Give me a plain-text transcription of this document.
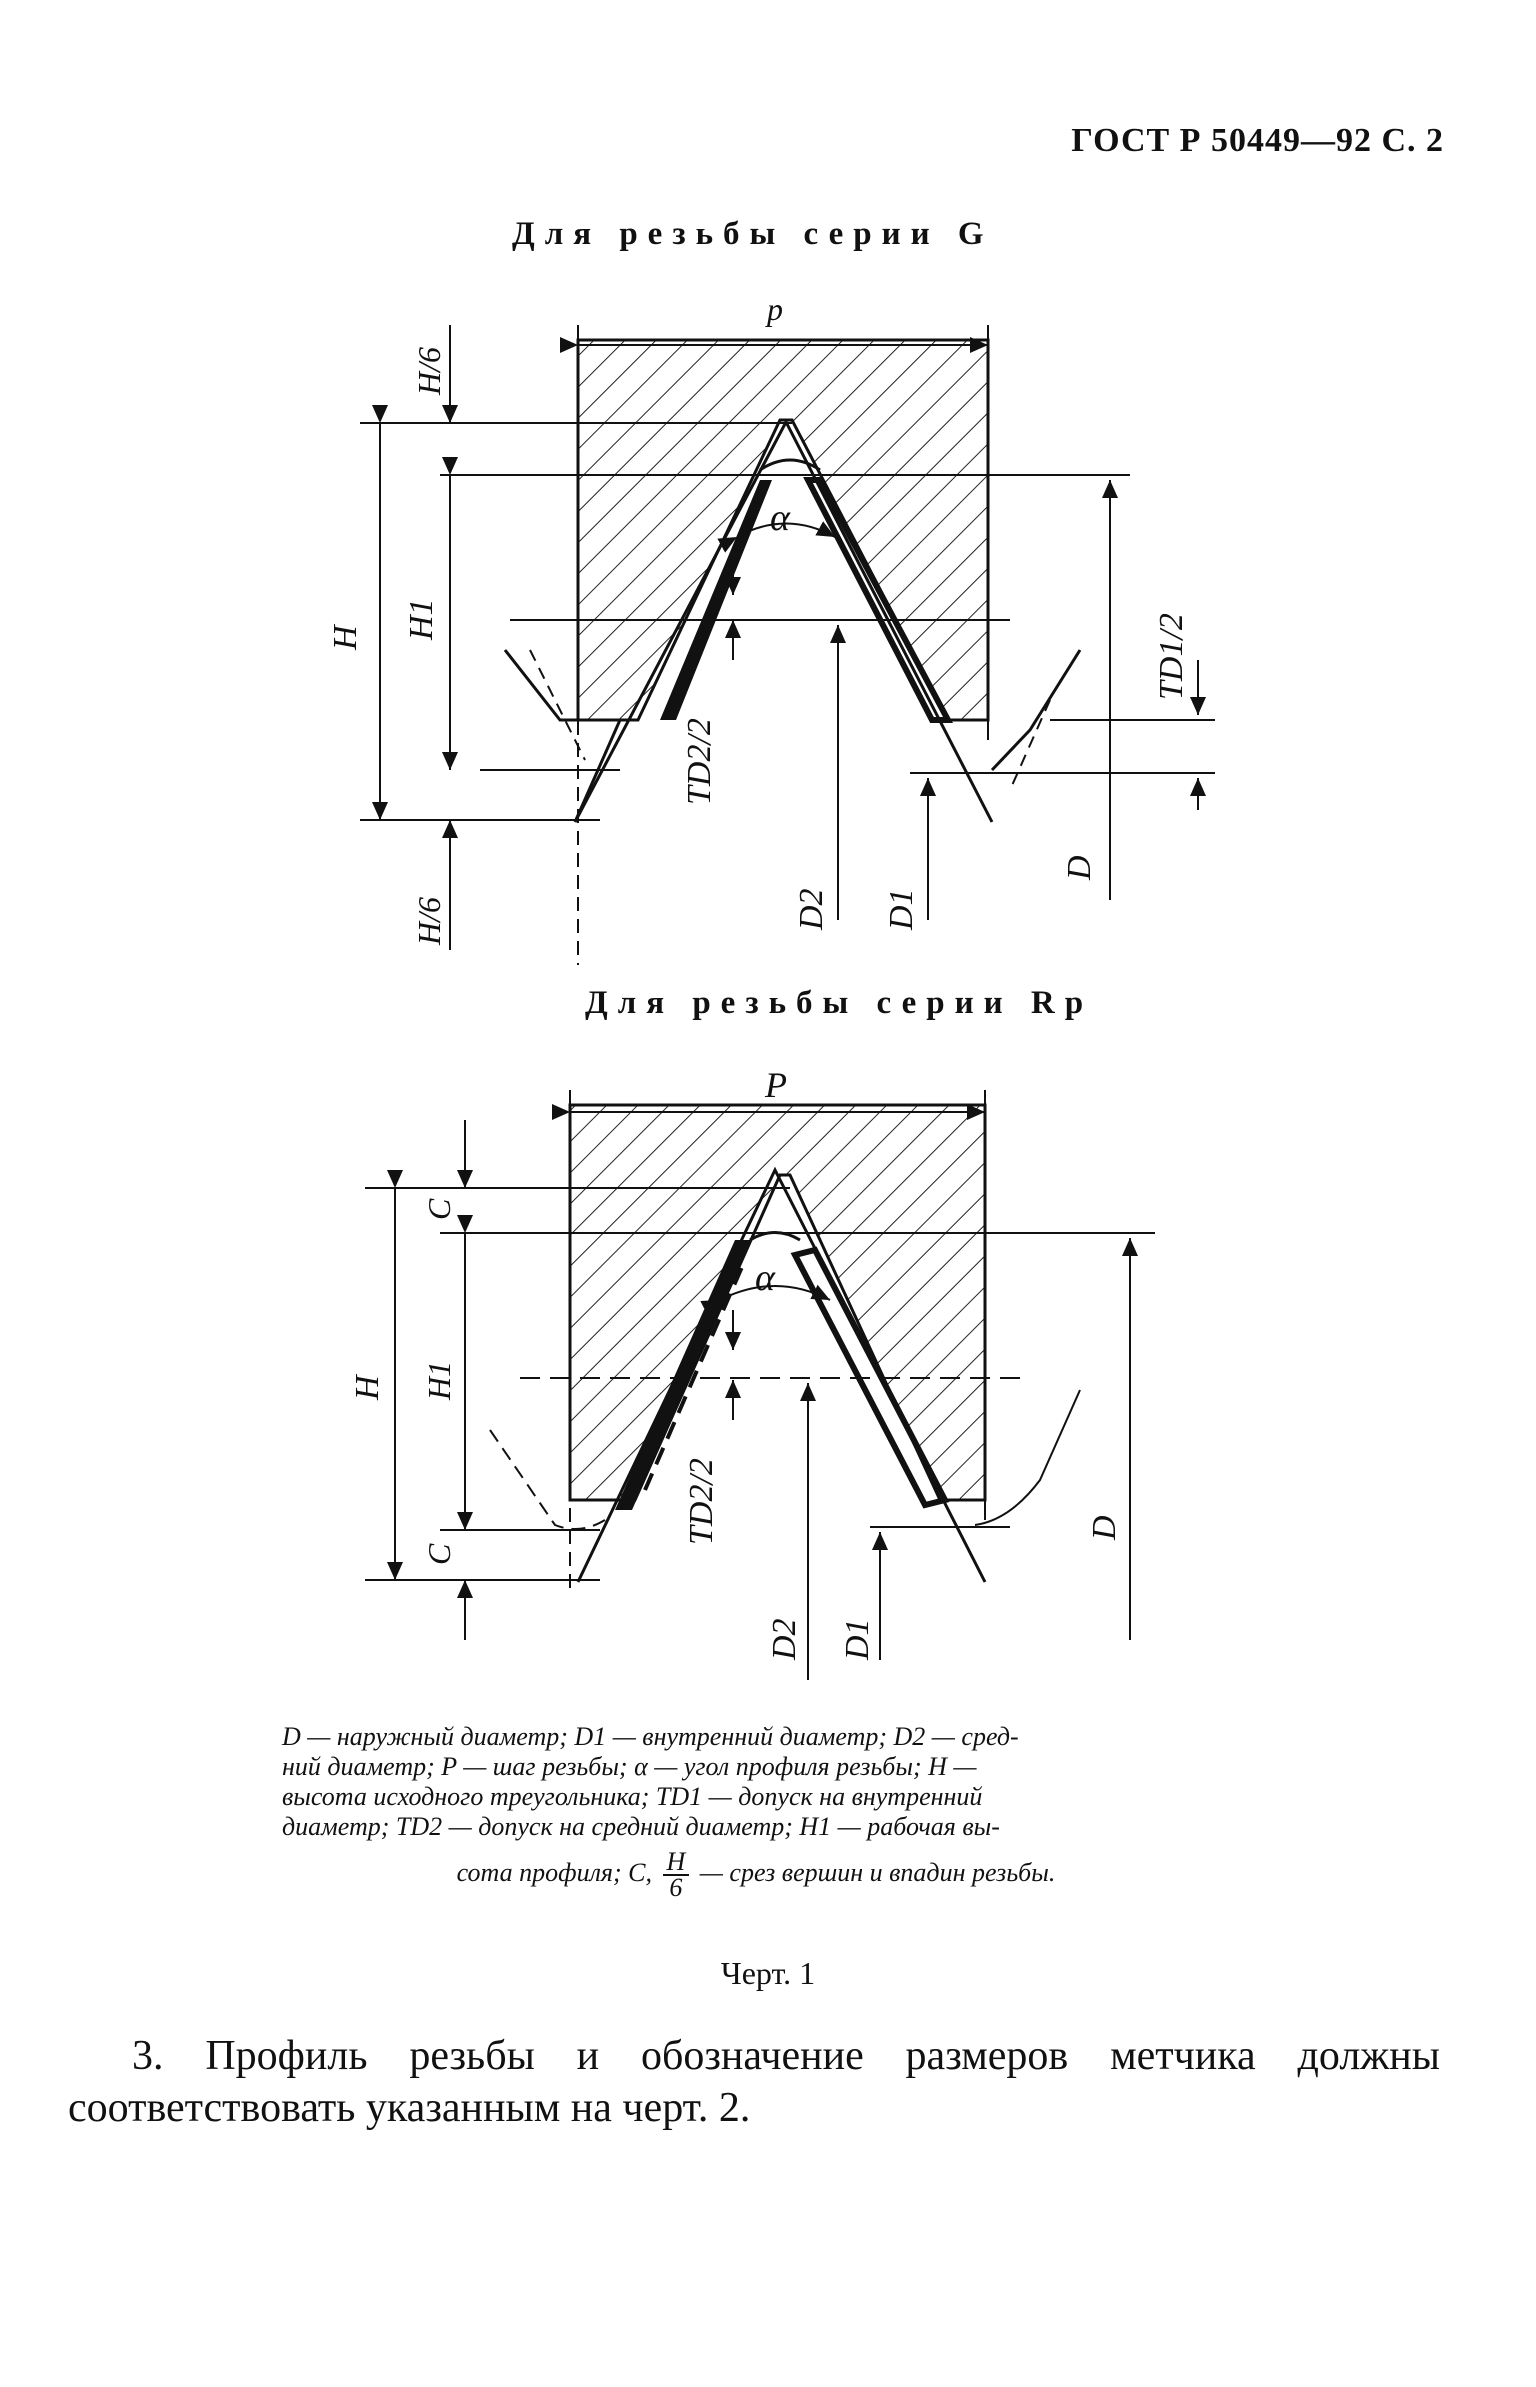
ГОСТ Р 50449—92 С. 2
Для резьбы серии G
p
α
H H1
H/6
H/6
TD2/2
TD1/2
D2 D1
D
Для резьбы серии Rр
P
α
H H1
C
C
TD2/2
D2 D1
D

D — наружный диаметр; D1 — внутренний диаметр; D2 — сред-

ний диаметр; P — шаг резьбы; α — угол профиля резьбы; H —

высота исходного треугольника; TD1 — допуск на внутренний

диаметр; TD2 — допуск на средний диаметр; H1 — рабочая вы-

сота профиля; C, $\frac{H}{6}$ — срез вершин и впадин резьбы.

Черт. 1

3. Профиль резьбы и обозначение размеров метчика должны

соответствовать указанным на черт. 2.
